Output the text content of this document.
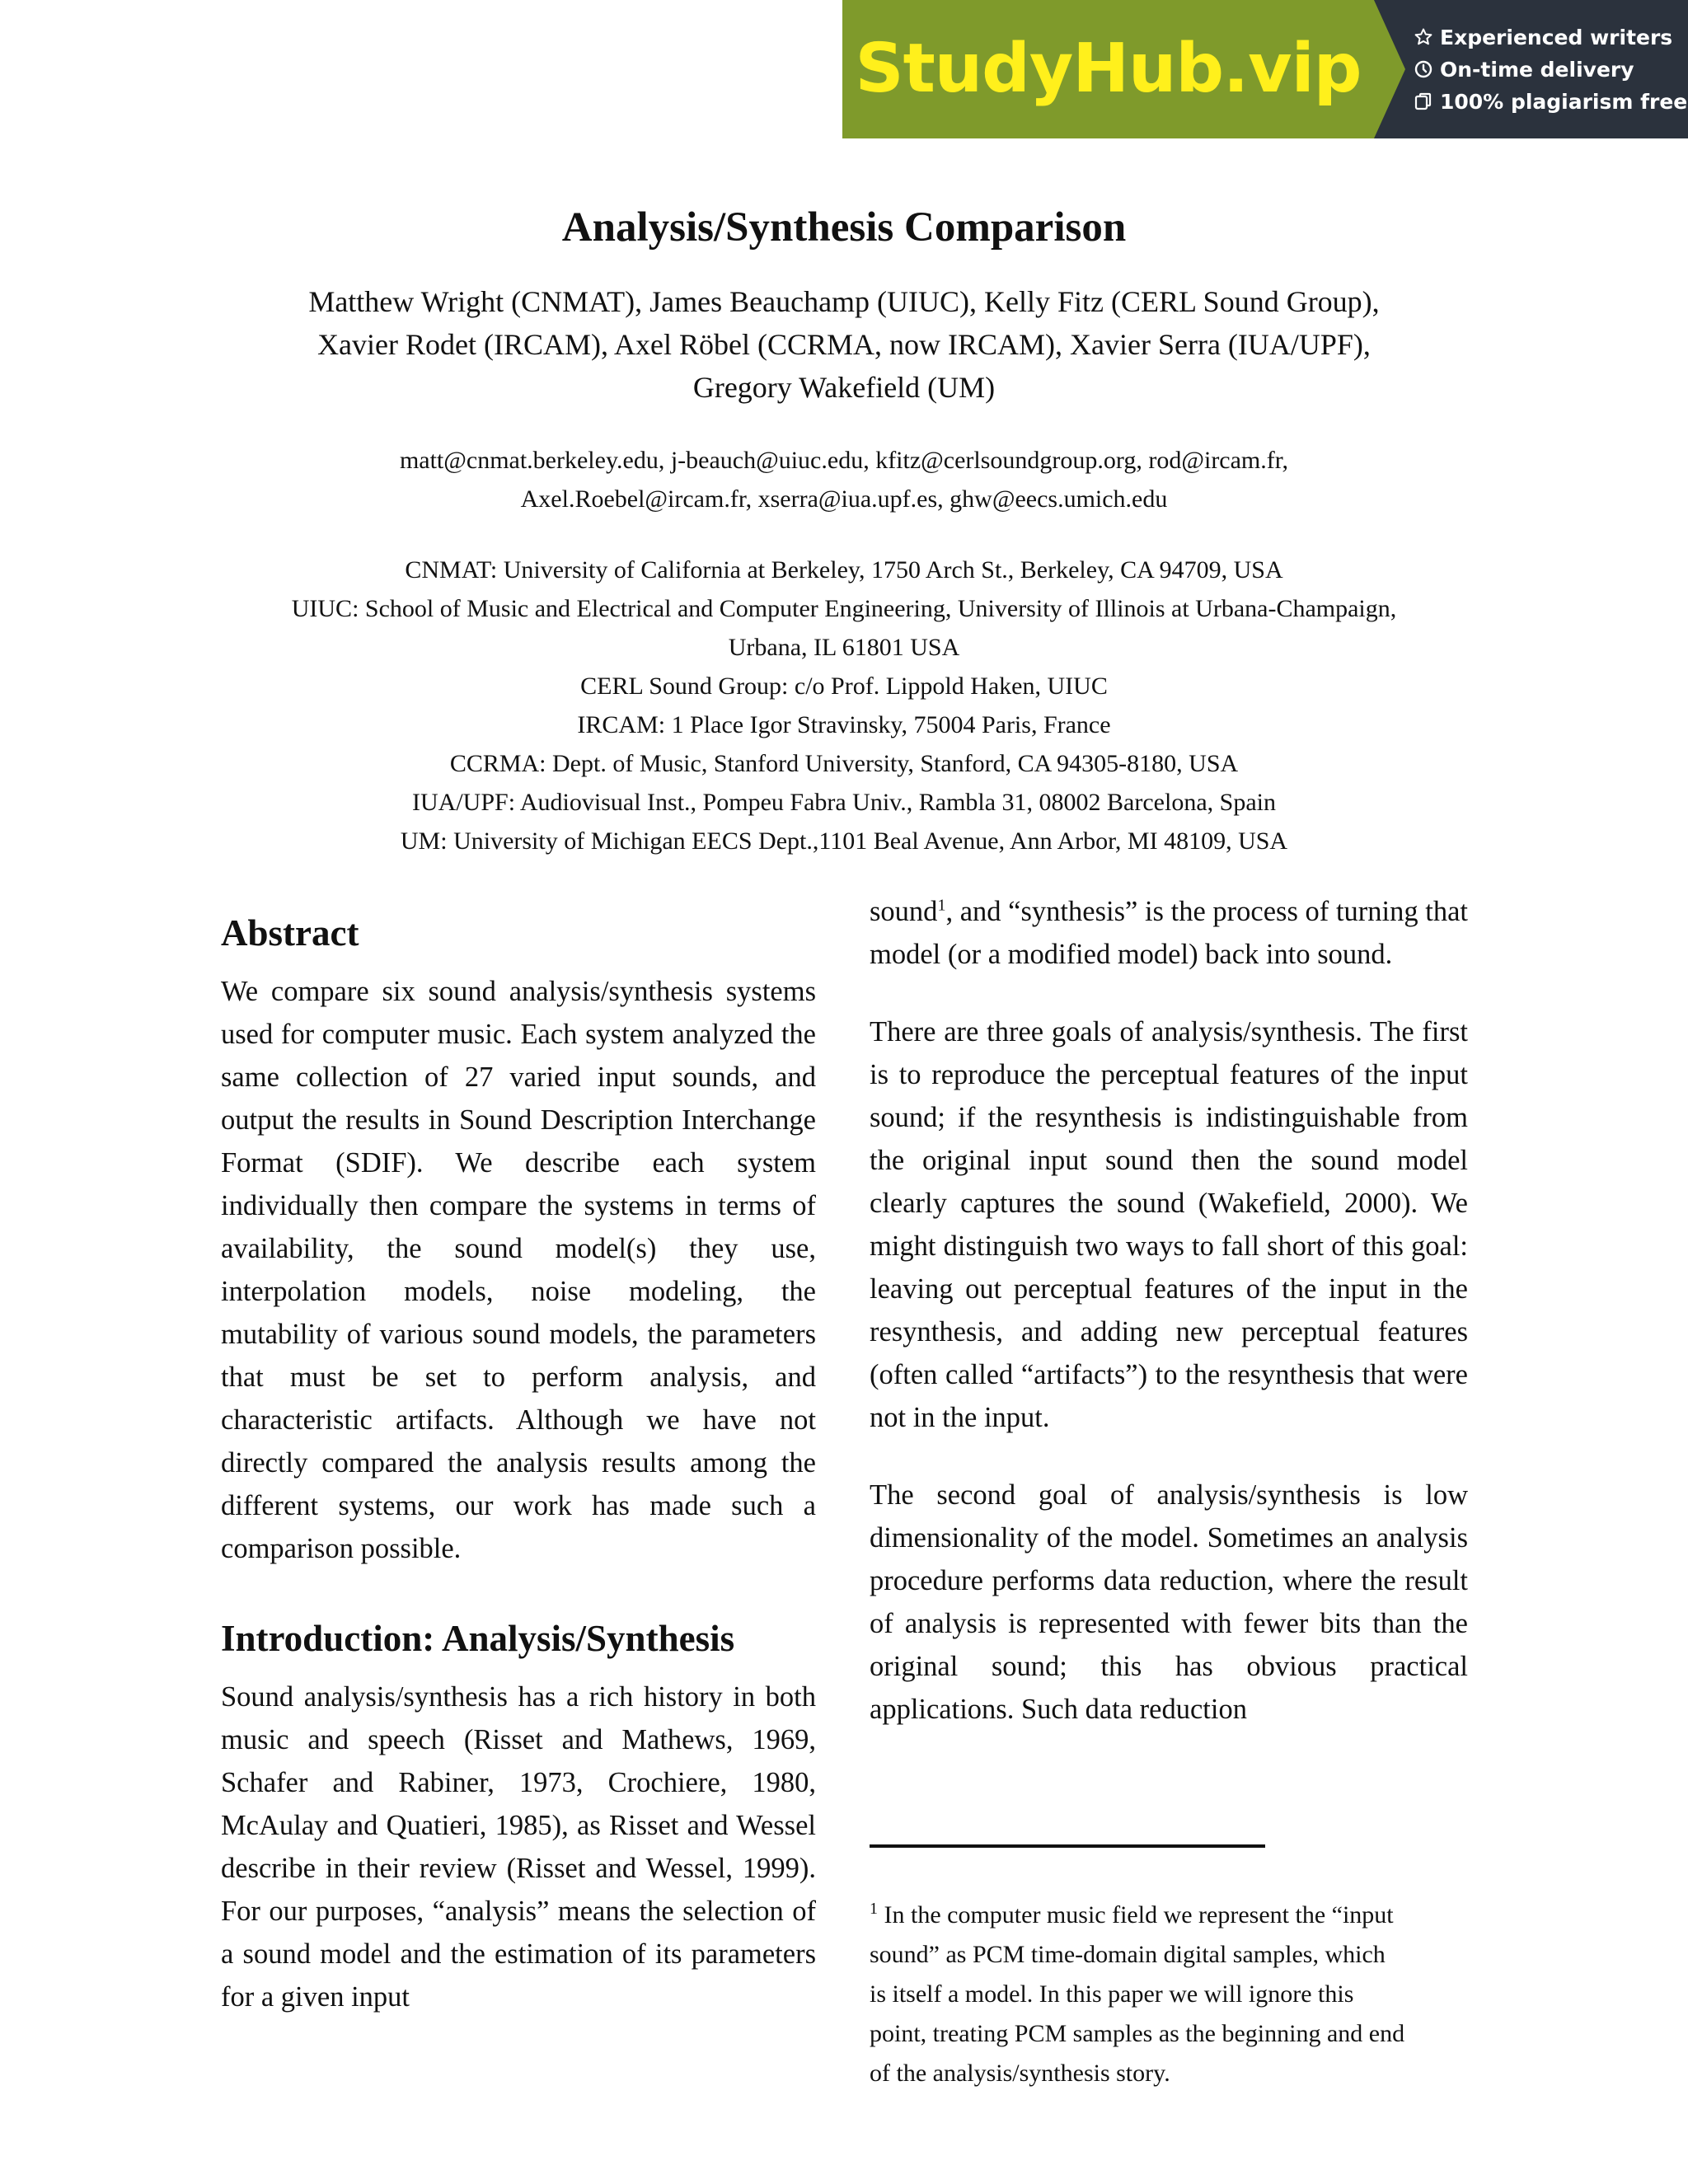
StudyHub.vip	Experienced writers
On-time delivery
100% plagiarism free
Analysis/Synthesis Comparison
Matthew Wright (CNMAT), James Beauchamp (UIUC), Kelly Fitz (CERL Sound Group),
Xavier Rodet (IRCAM), Axel Röbel (CCRMA, now IRCAM), Xavier Serra (IUA/UPF),
Gregory Wakefield (UM)
matt@cnmat.berkeley.edu, j-beauch@uiuc.edu, kfitz@cerlsoundgroup.org, rod@ircam.fr,
Axel.Roebel@ircam.fr, xserra@iua.upf.es, ghw@eecs.umich.edu
CNMAT: University of California at Berkeley, 1750 Arch St., Berkeley, CA 94709, USA
UIUC: School of Music and Electrical and Computer Engineering, University of Illinois at Urbana-Champaign,
Urbana, IL 61801 USA
CERL Sound Group: c/o Prof. Lippold Haken, UIUC
IRCAM: 1 Place Igor Stravinsky, 75004 Paris, France
CCRMA: Dept. of Music, Stanford University, Stanford, CA 94305-8180, USA
IUA/UPF: Audiovisual Inst., Pompeu Fabra Univ., Rambla 31, 08002 Barcelona, Spain
UM: University of Michigan EECS Dept.,1101 Beal Avenue, Ann Arbor, MI 48109, USA
Abstract

We compare six sound analysis/synthesis systems used for computer music. Each system analyzed the same collection of 27 varied input sounds, and output the results in Sound Description Interchange Format (SDIF). We describe each system individually then compare the systems in terms of availability, the sound model(s) they use, interpolation models, noise modeling, the mutability of various sound models, the parameters that must be set to perform analysis, and characteristic artifacts. Although we have not directly compared the analysis results among the different systems, our work has made such a comparison possible.

Introduction: Analysis/Synthesis

Sound analysis/synthesis has a rich history in both music and speech (Risset and Mathews, 1969, Schafer and Rabiner, 1973, Crochiere, 1980, McAulay and Quatieri, 1985), as Risset and Wessel describe in their review (Risset and Wessel, 1999). For our purposes, “analysis” means the selection of a sound model and the estimation of its parameters for a given input

sound$^1$, and “synthesis” is the process of turning that model (or a modified model) back into sound.

There are three goals of analysis/synthesis. The first is to reproduce the perceptual features of the input sound; if the resynthesis is indistinguishable from the original input sound then the sound model clearly captures the sound (Wakefield, 2000). We might distinguish two ways to fall short of this goal: leaving out perceptual features of the input in the resynthesis, and adding new perceptual features (often called “artifacts”) to the resynthesis that were not in the input.

The second goal of analysis/synthesis is low dimensionality of the model. Sometimes an analysis procedure performs data reduction, where the result of analysis is represented with fewer bits than the original sound; this has obvious practical applications. Such data reduction

$^1$ In the computer music field we represent the “input
sound” as PCM time-domain digital samples, which
is itself a model. In this paper we will ignore this
point, treating PCM samples as the beginning and end
of the analysis/synthesis story.
